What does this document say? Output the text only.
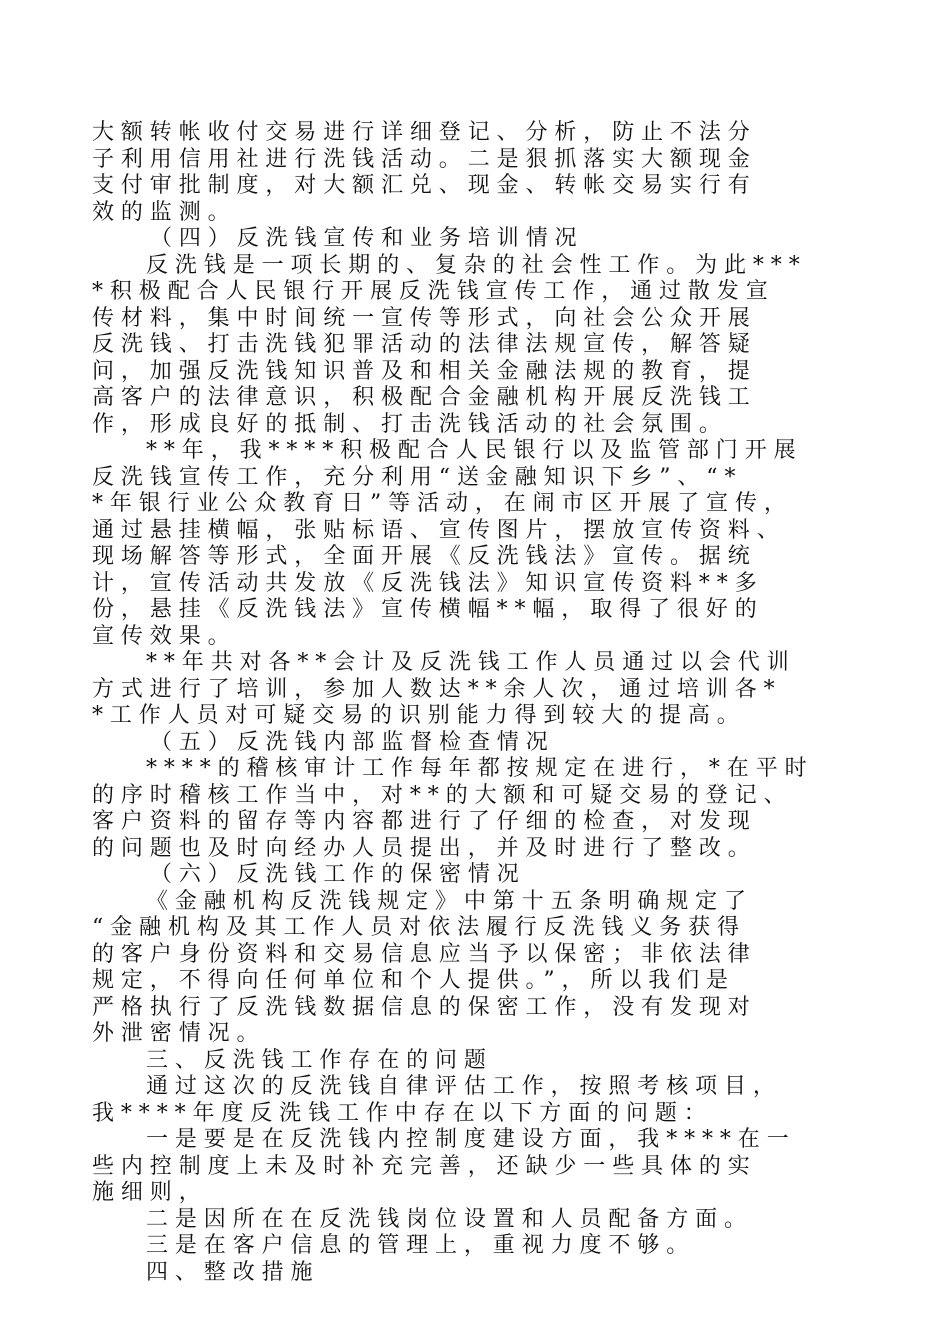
大额转帐收付交易进行详细登记、分析，防止不法分
子利用信用社进行洗钱活动。二是狠抓落实大额现金
支付审批制度，对大额汇兑、现金、转帐交易实行有
效的监测。
（四）反洗钱宣传和业务培训情况
反洗钱是一项长期的、复杂的社会性工作。为此***
*积极配合人民银行开展反洗钱宣传工作，通过散发宣
传材料，集中时间统一宣传等形式，向社会公众开展
反洗钱、打击洗钱犯罪活动的法律法规宣传，解答疑
问，加强反洗钱知识普及和相关金融法规的教育，提
高客户的法律意识，积极配合金融机构开展反洗钱工
作，形成良好的抵制、打击洗钱活动的社会氛围。
**年，我****积极配合人民银行以及监管部门开展
反洗钱宣传工作，充分利用“送金融知识下乡”、“*
*年银行业公众教育日”等活动，在闹市区开展了宣传，
通过悬挂横幅，张贴标语、宣传图片，摆放宣传资料、
现场解答等形式，全面开展《反洗钱法》宣传。据统
计，宣传活动共发放《反洗钱法》知识宣传资料**多
份，悬挂《反洗钱法》宣传横幅**幅，取得了很好的
宣传效果。
**年共对各**会计及反洗钱工作人员通过以会代训
方式进行了培训，参加人数达**余人次，通过培训各*
*工作人员对可疑交易的识别能力得到较大的提高。
（五）反洗钱内部监督检查情况
****的稽核审计工作每年都按规定在进行，*在平时
的序时稽核工作当中，对**的大额和可疑交易的登记、
客户资料的留存等内容都进行了仔细的检查，对发现
的问题也及时向经办人员提出，并及时进行了整改。
（六）反洗钱工作的保密情况
《金融机构反洗钱规定》中第十五条明确规定了
“金融机构及其工作人员对依法履行反洗钱义务获得
的客户身份资料和交易信息应当予以保密；非依法律
规定，不得向任何单位和个人提供。”，所以我们是
严格执行了反洗钱数据信息的保密工作，没有发现对
外泄密情况。
三、反洗钱工作存在的问题
通过这次的反洗钱自律评估工作，按照考核项目，
我****年度反洗钱工作中存在以下方面的问题：
一是要是在反洗钱内控制度建设方面，我****在一
些内控制度上未及时补充完善，还缺少一些具体的实
施细则，
二是因所在在反洗钱岗位设置和人员配备方面。
三是在客户信息的管理上，重视力度不够。
四、整改措施
